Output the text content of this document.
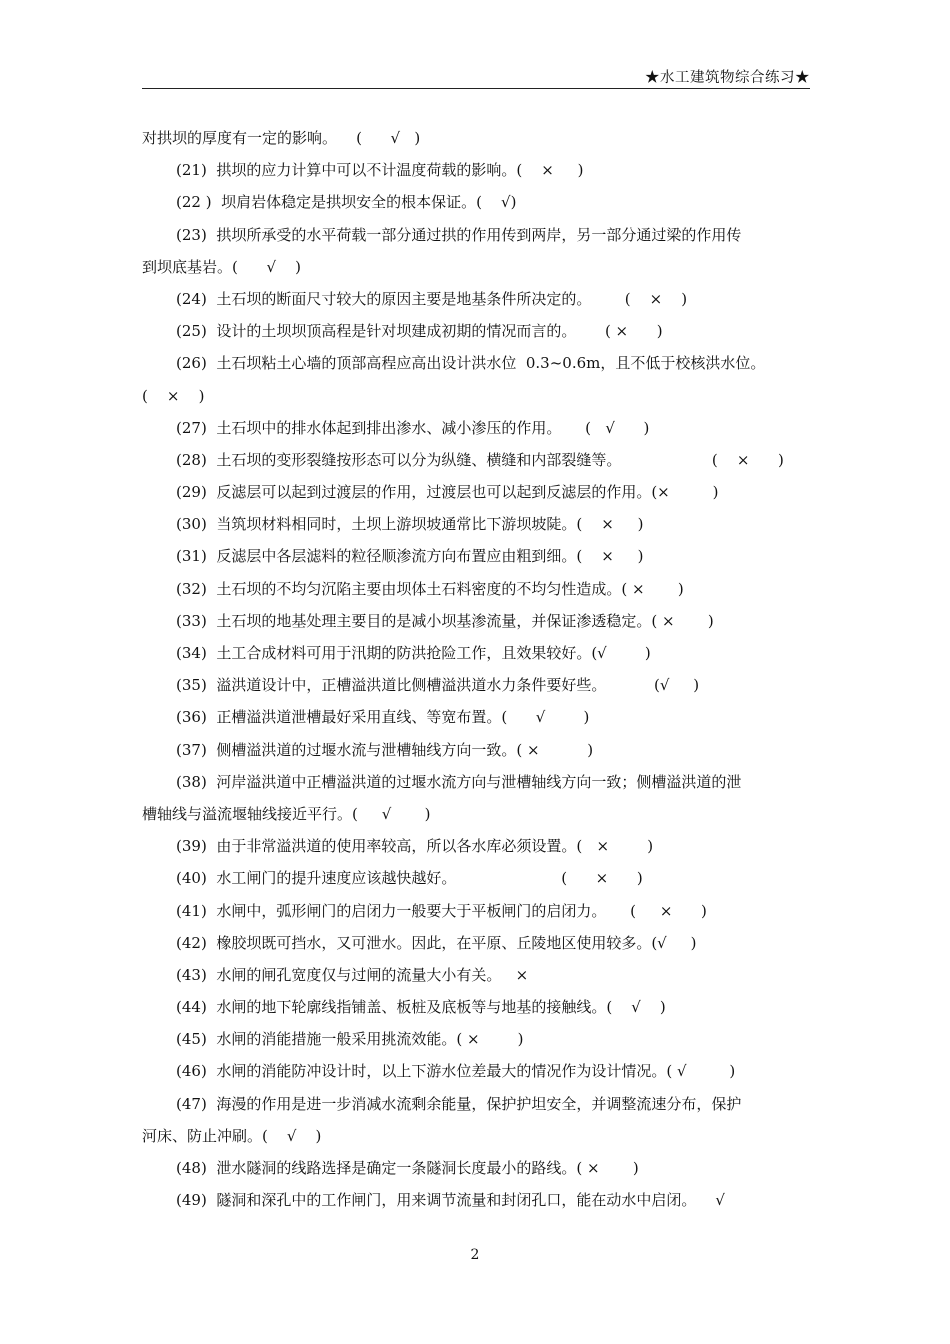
★水工建筑物综合练习★
对拱坝的厚度有一定的影响。    (      √   )
(21)  拱坝的应力计算中可以不计温度荷载的影响。(    ×     )
(22 )  坝肩岩体稳定是拱坝安全的根本保证。(    √)
(23)  拱坝所承受的水平荷载一部分通过拱的作用传到两岸，另一部分通过梁的作用传
到坝底基岩。(      √    )
(24)  土石坝的断面尺寸较大的原因主要是地基条件所决定的。       (    ×    )
(25)  设计的土坝坝顶高程是针对坝建成初期的情况而言的。      ( ×      )
(26)  土石坝粘土心墙的顶部高程应高出设计洪水位  0.3~0.6m，且不低于校核洪水位。
(    ×    )
(27)  土石坝中的排水体起到排出渗水、减小渗压的作用。     (   √      )
(28)  土石坝的变形裂缝按形态可以分为纵缝、横缝和内部裂缝等。                   (    ×      )
(29)  反滤层可以起到过渡层的作用，过渡层也可以起到反滤层的作用。(×         )
(30)  当筑坝材料相同时，土坝上游坝坡通常比下游坝坡陡。(    ×     )
(31)  反滤层中各层滤料的粒径顺渗流方向布置应由粗到细。(    ×     )
(32)  土石坝的不均匀沉陷主要由坝体土石料密度的不均匀性造成。( ×       )
(33)  土石坝的地基处理主要目的是减小坝基渗流量，并保证渗透稳定。( ×       )
(34)  土工合成材料可用于汛期的防洪抢险工作，且效果较好。(√        )
(35)  溢洪道设计中，正槽溢洪道比侧槽溢洪道水力条件要好些。          (√     )
(36)  正槽溢洪道泄槽最好采用直线、等宽布置。(      √        )
(37)  侧槽溢洪道的过堰水流与泄槽轴线方向一致。( ×          )
(38)  河岸溢洪道中正槽溢洪道的过堰水流方向与泄槽轴线方向一致；侧槽溢洪道的泄
槽轴线与溢流堰轴线接近平行。(     √       )
(39)  由于非常溢洪道的使用率较高，所以各水库必须设置。(   ×        )
(40)  水工闸门的提升速度应该越快越好。                      (      ×      )
(41)  水闸中，弧形闸门的启闭力一般要大于平板闸门的启闭力。     (     ×      )
(42)  橡胶坝既可挡水，又可泄水。因此，在平原、丘陵地区使用较多。(√     )
(43)  水闸的闸孔宽度仅与过闸的流量大小有关。   ×
(44)  水闸的地下轮廓线指铺盖、板桩及底板等与地基的接触线。(    √    )
(45)  水闸的消能措施一般采用挑流效能。( ×        )
(46)  水闸的消能防冲设计时，以上下游水位差最大的情况作为设计情况。( √         )
(47)  海漫的作用是进一步消减水流剩余能量，保护护坦安全，并调整流速分布，保护
河床、防止冲刷。(    √    )
(48)  泄水隧洞的线路选择是确定一条隧洞长度最小的路线。( ×       )
(49)  隧洞和深孔中的工作闸门，用来调节流量和封闭孔口，能在动水中启闭。    √
2
